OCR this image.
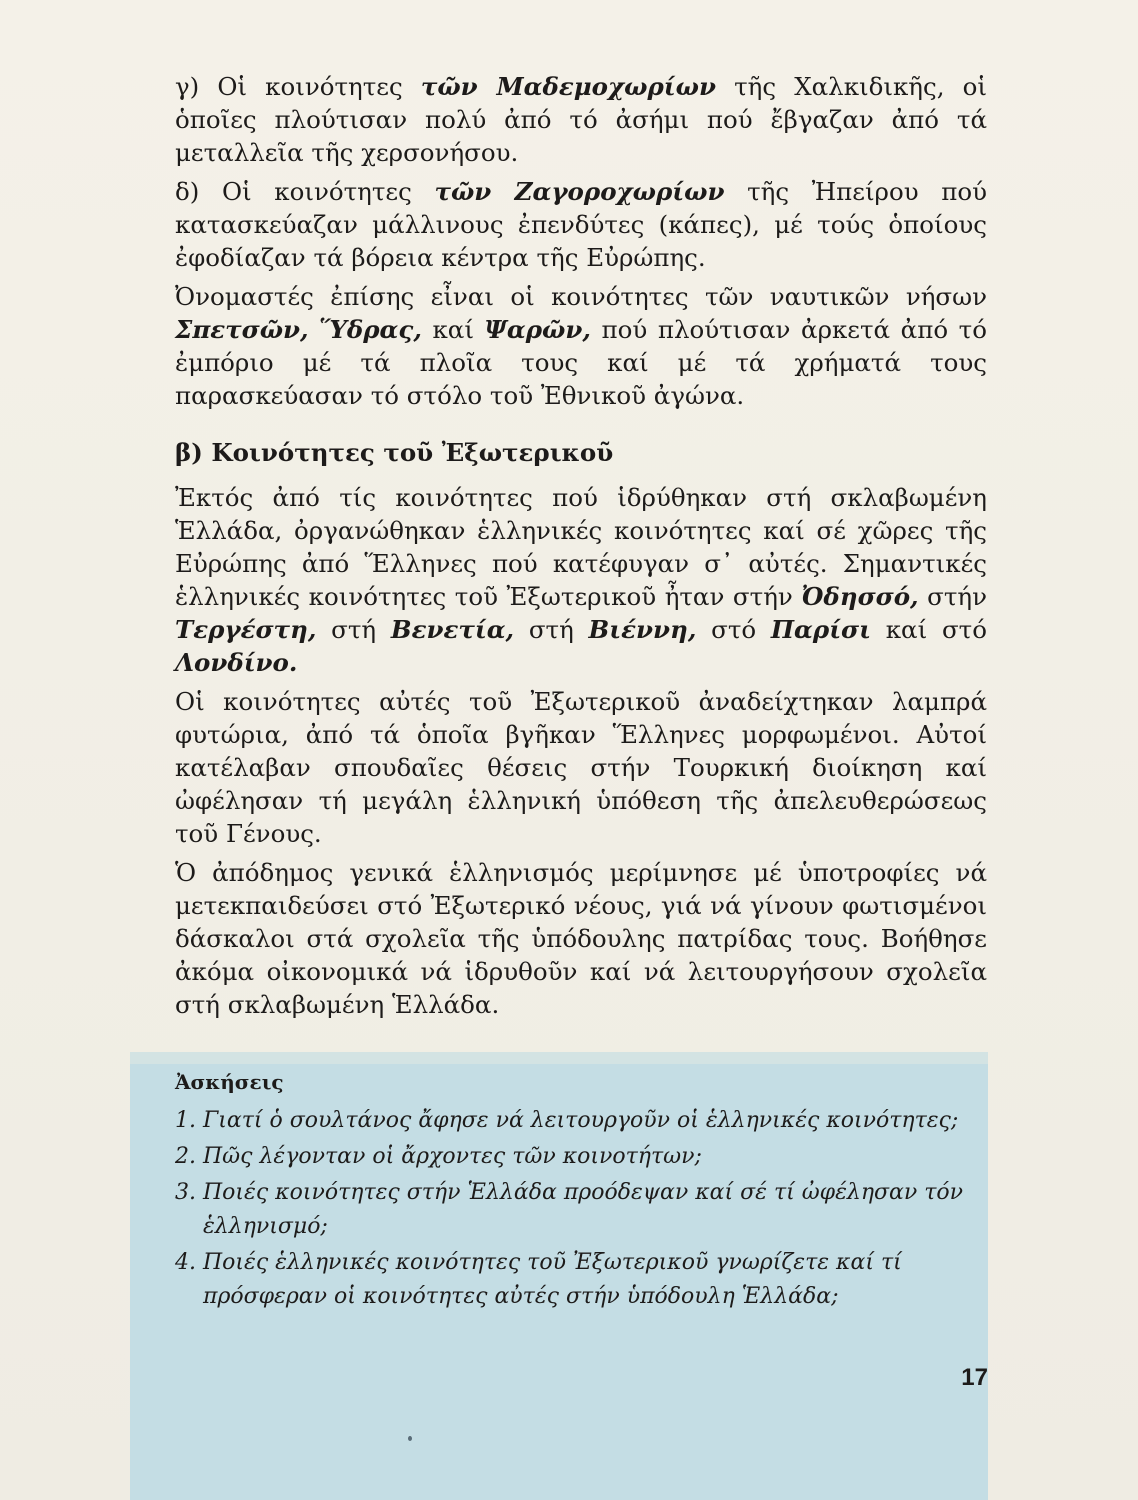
γ) Οἱ κοινότητες τῶν Μαδεμοχωρίων τῆς Χαλκιδικῆς, οἱ ὁποῖες πλούτισαν πολύ ἀπό τό ἀσήμι πού ἔβγαζαν ἀπό τά μεταλλεῖα τῆς χερσονήσου.

δ) Οἱ κοινότητες τῶν Ζαγοροχωρίων τῆς Ἠπείρου πού κατασκεύαζαν μάλλινους ἐπενδύτες (κάπες), μέ τούς ὁποίους ἐφοδίαζαν τά βόρεια κέντρα τῆς Εὐρώπης.

Ὀνομαστές ἐπίσης εἶναι οἱ κοινότητες τῶν ναυτικῶν νήσων Σπετσῶν, Ὕδρας, καί Ψαρῶν, πού πλούτισαν ἀρκετά ἀπό τό ἐμπόριο μέ τά πλοῖα τους καί μέ τά χρήματά τους παρασκεύασαν τό στόλο τοῦ Ἐθνικοῦ ἀγώνα.

β) Κοινότητες τοῦ Ἐξωτερικοῦ

Ἐκτός ἀπό τίς κοινότητες πού ἱδρύθηκαν στή σκλαβωμένη Ἑλλάδα, ὀργανώθηκαν ἑλληνικές κοινότητες καί σέ χῶρες τῆς Εὐρώπης ἀπό Ἕλληνες πού κατέφυγαν σ᾽ αὐτές. Σημαντικές ἑλληνικές κοινότητες τοῦ Ἐξωτερικοῦ ἦταν στήν Ὀδησσό, στήν Τεργέστη, στή Βενετία, στή Βιέννη, στό Παρίσι καί στό Λονδίνο.

Οἱ κοινότητες αὐτές τοῦ Ἐξωτερικοῦ ἀναδείχτηκαν λαμπρά φυτώρια, ἀπό τά ὁποῖα βγῆκαν Ἕλληνες μορφωμένοι. Αὐτοί κατέλαβαν σπουδαῖες θέσεις στήν Τουρκική διοίκηση καί ὠφέλησαν τή μεγάλη ἑλληνική ὑπόθεση τῆς ἀπελευθερώσεως τοῦ Γένους.

Ὁ ἀπόδημος γενικά ἑλληνισμός μερίμνησε μέ ὑποτροφίες νά μετεκπαιδεύσει στό Ἐξωτερικό νέους, γιά νά γίνουν φωτισμένοι δάσκαλοι στά σχολεῖα τῆς ὑπόδουλης πατρίδας τους. Βοήθησε ἀκόμα οἰκονομικά νά ἱδρυθοῦν καί νά λειτουργήσουν σχολεῖα στή σκλαβωμένη Ἑλλάδα.

Ἀσκήσεις
1. Γιατί ὁ σουλτάνος ἄφησε νά λειτουργοῦν οἱ ἑλληνικές κοινότητες;
2. Πῶς λέγονταν οἱ ἄρχοντες τῶν κοινοτήτων;
3. Ποιές κοινότητες στήν Ἑλλάδα προόδεψαν καί σέ τί ὠφέλησαν τόν ἑλληνισμό;
4. Ποιές ἑλληνικές κοινότητες τοῦ Ἐξωτερικοῦ γνωρίζετε καί τί πρόσφεραν οἱ κοινότητες αὐτές στήν ὑπόδουλη Ἑλλάδα;
17
